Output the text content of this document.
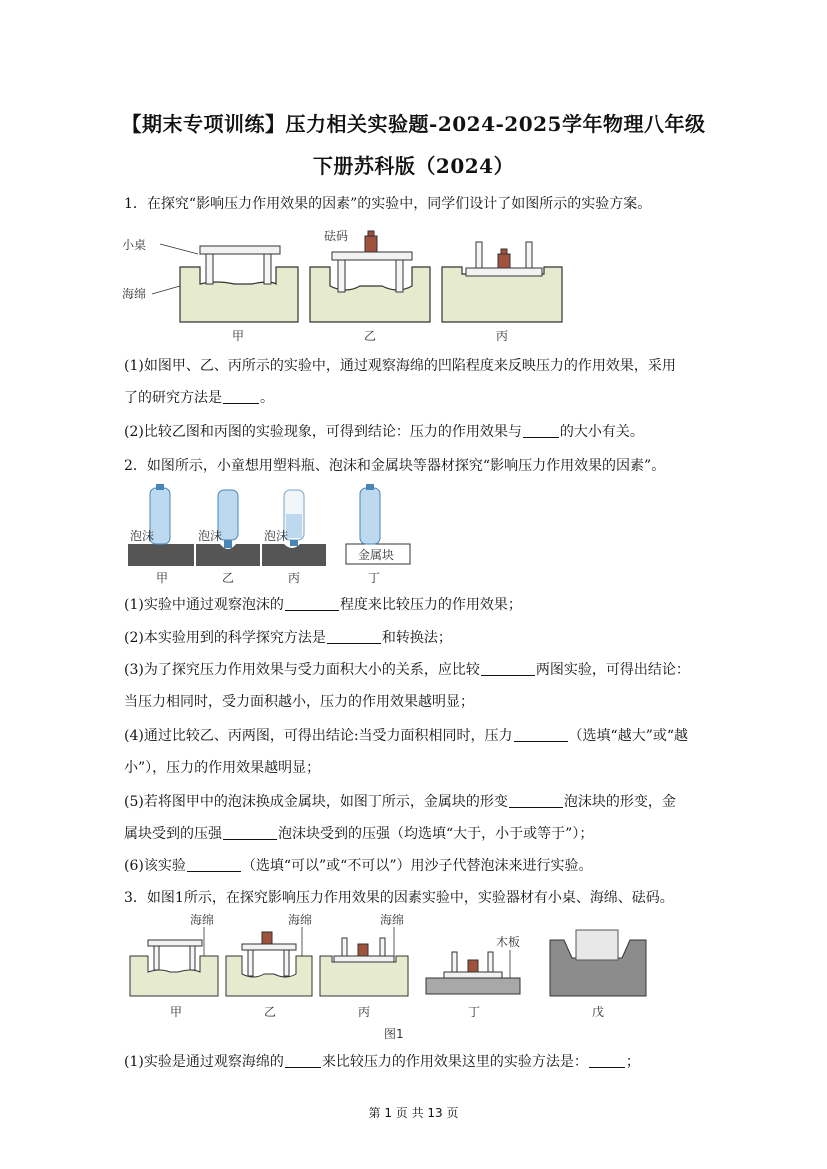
【期末专项训练】压力相关实验题-2024-2025学年物理八年级
下册苏科版（2024）
1．在探究“影响压力作用效果的因素”的实验中，同学们设计了如图所示的实验方案。
小桌
海绵
砝码
甲	乙	丙
(1)如图甲、乙、丙所示的实验中，通过观察海绵的凹陷程度来反映压力的作用效果，采用
了的研究方法是	。
(2)比较乙图和丙图的实验现象，可得到结论：压力的作用效果与	的大小有关。
2．如图所示，小童想用塑料瓶、泡沫和金属块等器材探究“影响压力作用效果的因素”。
泡沫	泡沫	泡沫
金属块
甲	乙	丙	丁
(1)实验中通过观察泡沫的	程度来比较压力的作用效果；
(2)本实验用到的科学探究方法是	和转换法；
(3)为了探究压力作用效果与受力面积大小的关系，应比较	两图实验，可得出结论：
当压力相同时，受力面积越小，压力的作用效果越明显；
(4)通过比较乙、丙两图，可得出结论:当受力面积相同时，压力	（选填“越大”或“越
小”），压力的作用效果越明显；
(5)若将图甲中的泡沫换成金属块，如图丁所示，金属块的形变	泡沫块的形变，金
属块受到的压强	泡沫块受到的压强（均选填“大于，小于或等于”）；
(6)该实验	（选填“可以”或“不可以”）用沙子代替泡沫来进行实验。
3．如图1所示，在探究影响压力作用效果的因素实验中，实验器材有小桌、海绵、砝码。
海绵	海绵	海绵
木板
甲	乙	丙	丁	戊
图1
(1)实验是通过观察海绵的	来比较压力的作用效果这里的实验方法是：	；
第 1 页 共 13 页
